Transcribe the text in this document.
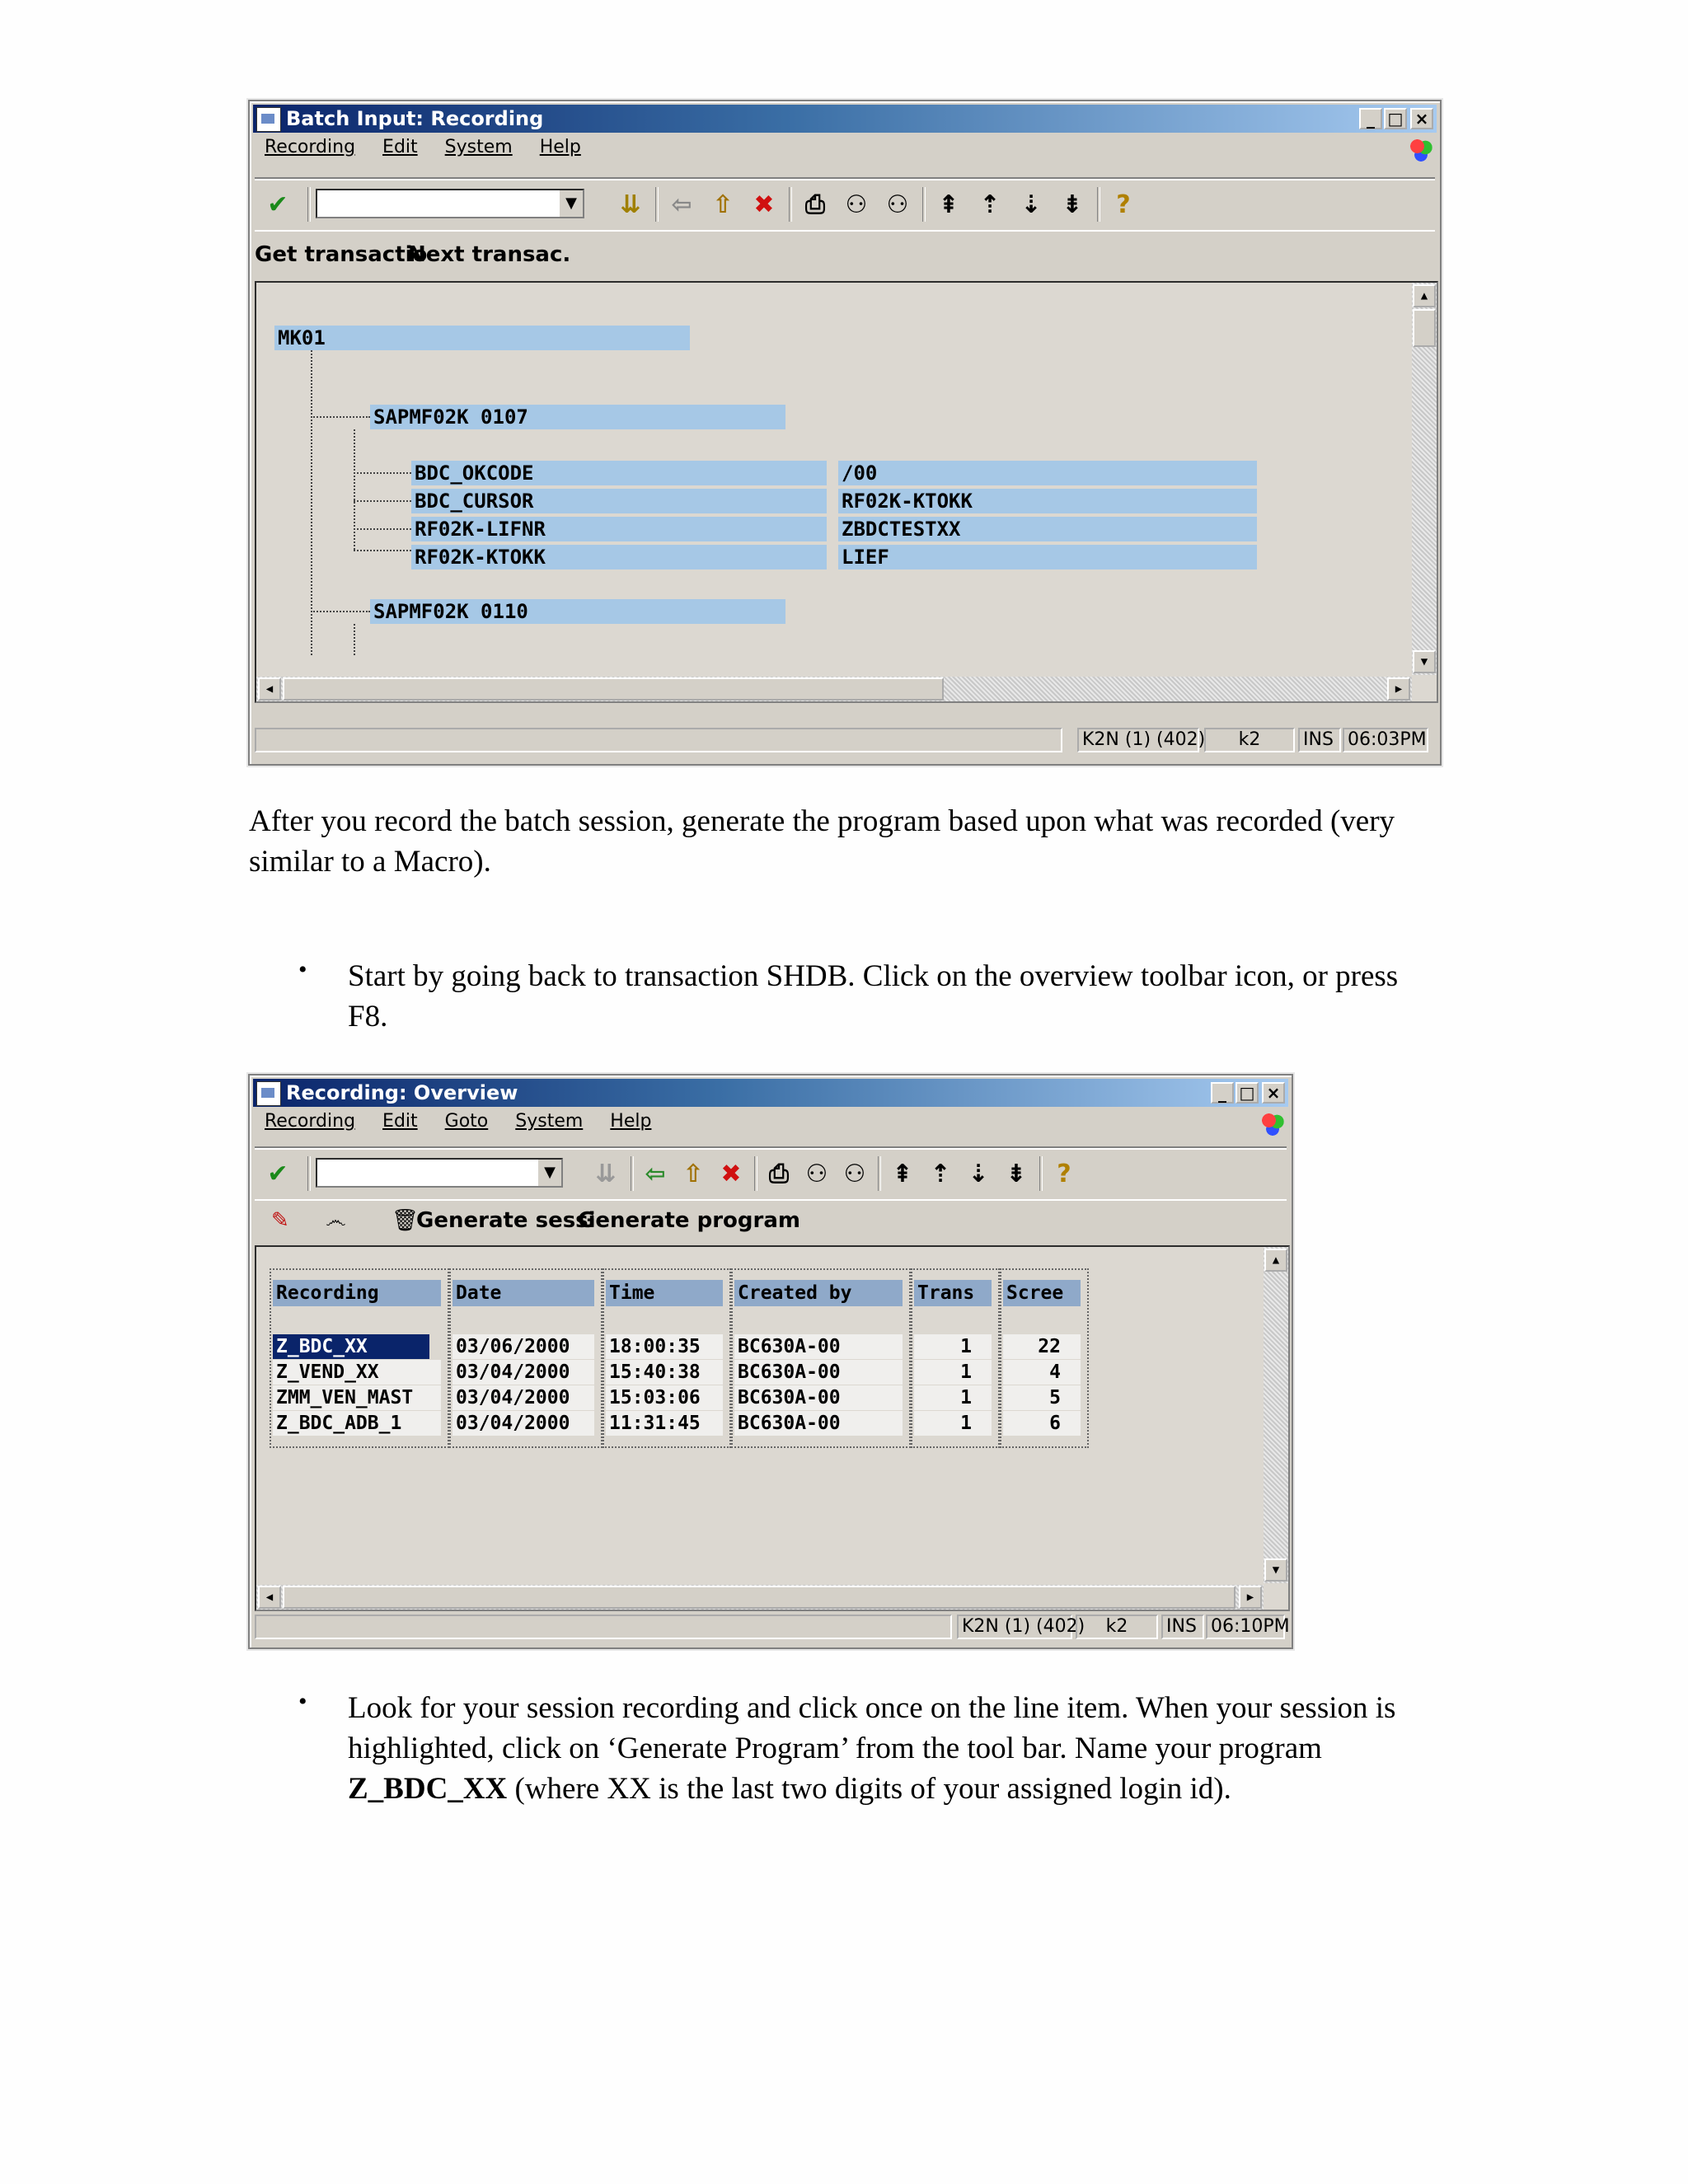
Batch Input: Recording	_ □ ×
Recording Edit System Help
✔	▼ ⇊ ⇦ ⇧ ✖ ⎙ ⚇ ⚇ ⇞ ⇡ ⇣ ⇟	?
Get transactio
Next transac.
MK01
SAPMF02K 0107
BDC_OKCODE	/00
BDC_CURSOR	RF02K-KTOKK
RF02K-LIFNR	ZBDCTESTXX
RF02K-KTOKK	LIEF
SAPMF02K 0110
▲
▼
◀	▶
K2N (1) (402)	k2	INS 06:03PM
After you record the batch session, generate the program based upon what was recorded (very similar to a Macro).
• Start by going back to transaction SHDB. Click on the overview toolbar icon, or press F8.
Recording: Overview	_ □ ×
Recording Edit Goto System Help
✔	▼ ⇊ ⇦ ⇧ ✖ ⎙ ⚇ ⚇ ⇞ ⇡ ⇣ ⇟	?
✎ ෴ 🗑
Generate sessi
Generate program
Recording	Date	Time	Created by	Trans	Scree
Z_BDC_XX	03/06/2000	18:00:35	BC630A-00	1	22
Z_VEND_XX	03/04/2000	15:40:38	BC630A-00	1	4
ZMM_VEN_MAST	03/04/2000	15:03:06	BC630A-00	1	5
Z_BDC_ADB_1	03/04/2000	11:31:45	BC630A-00	1	6
▲
▼
◀	▶
K2N (1) (402)	k2	INS 06:10PM
• Look for your session recording and click once on the line item. When your session is highlighted, click on ‘Generate Program’ from the tool bar. Name your program Z_BDC_XX (where XX is the last two digits of your assigned login id).
